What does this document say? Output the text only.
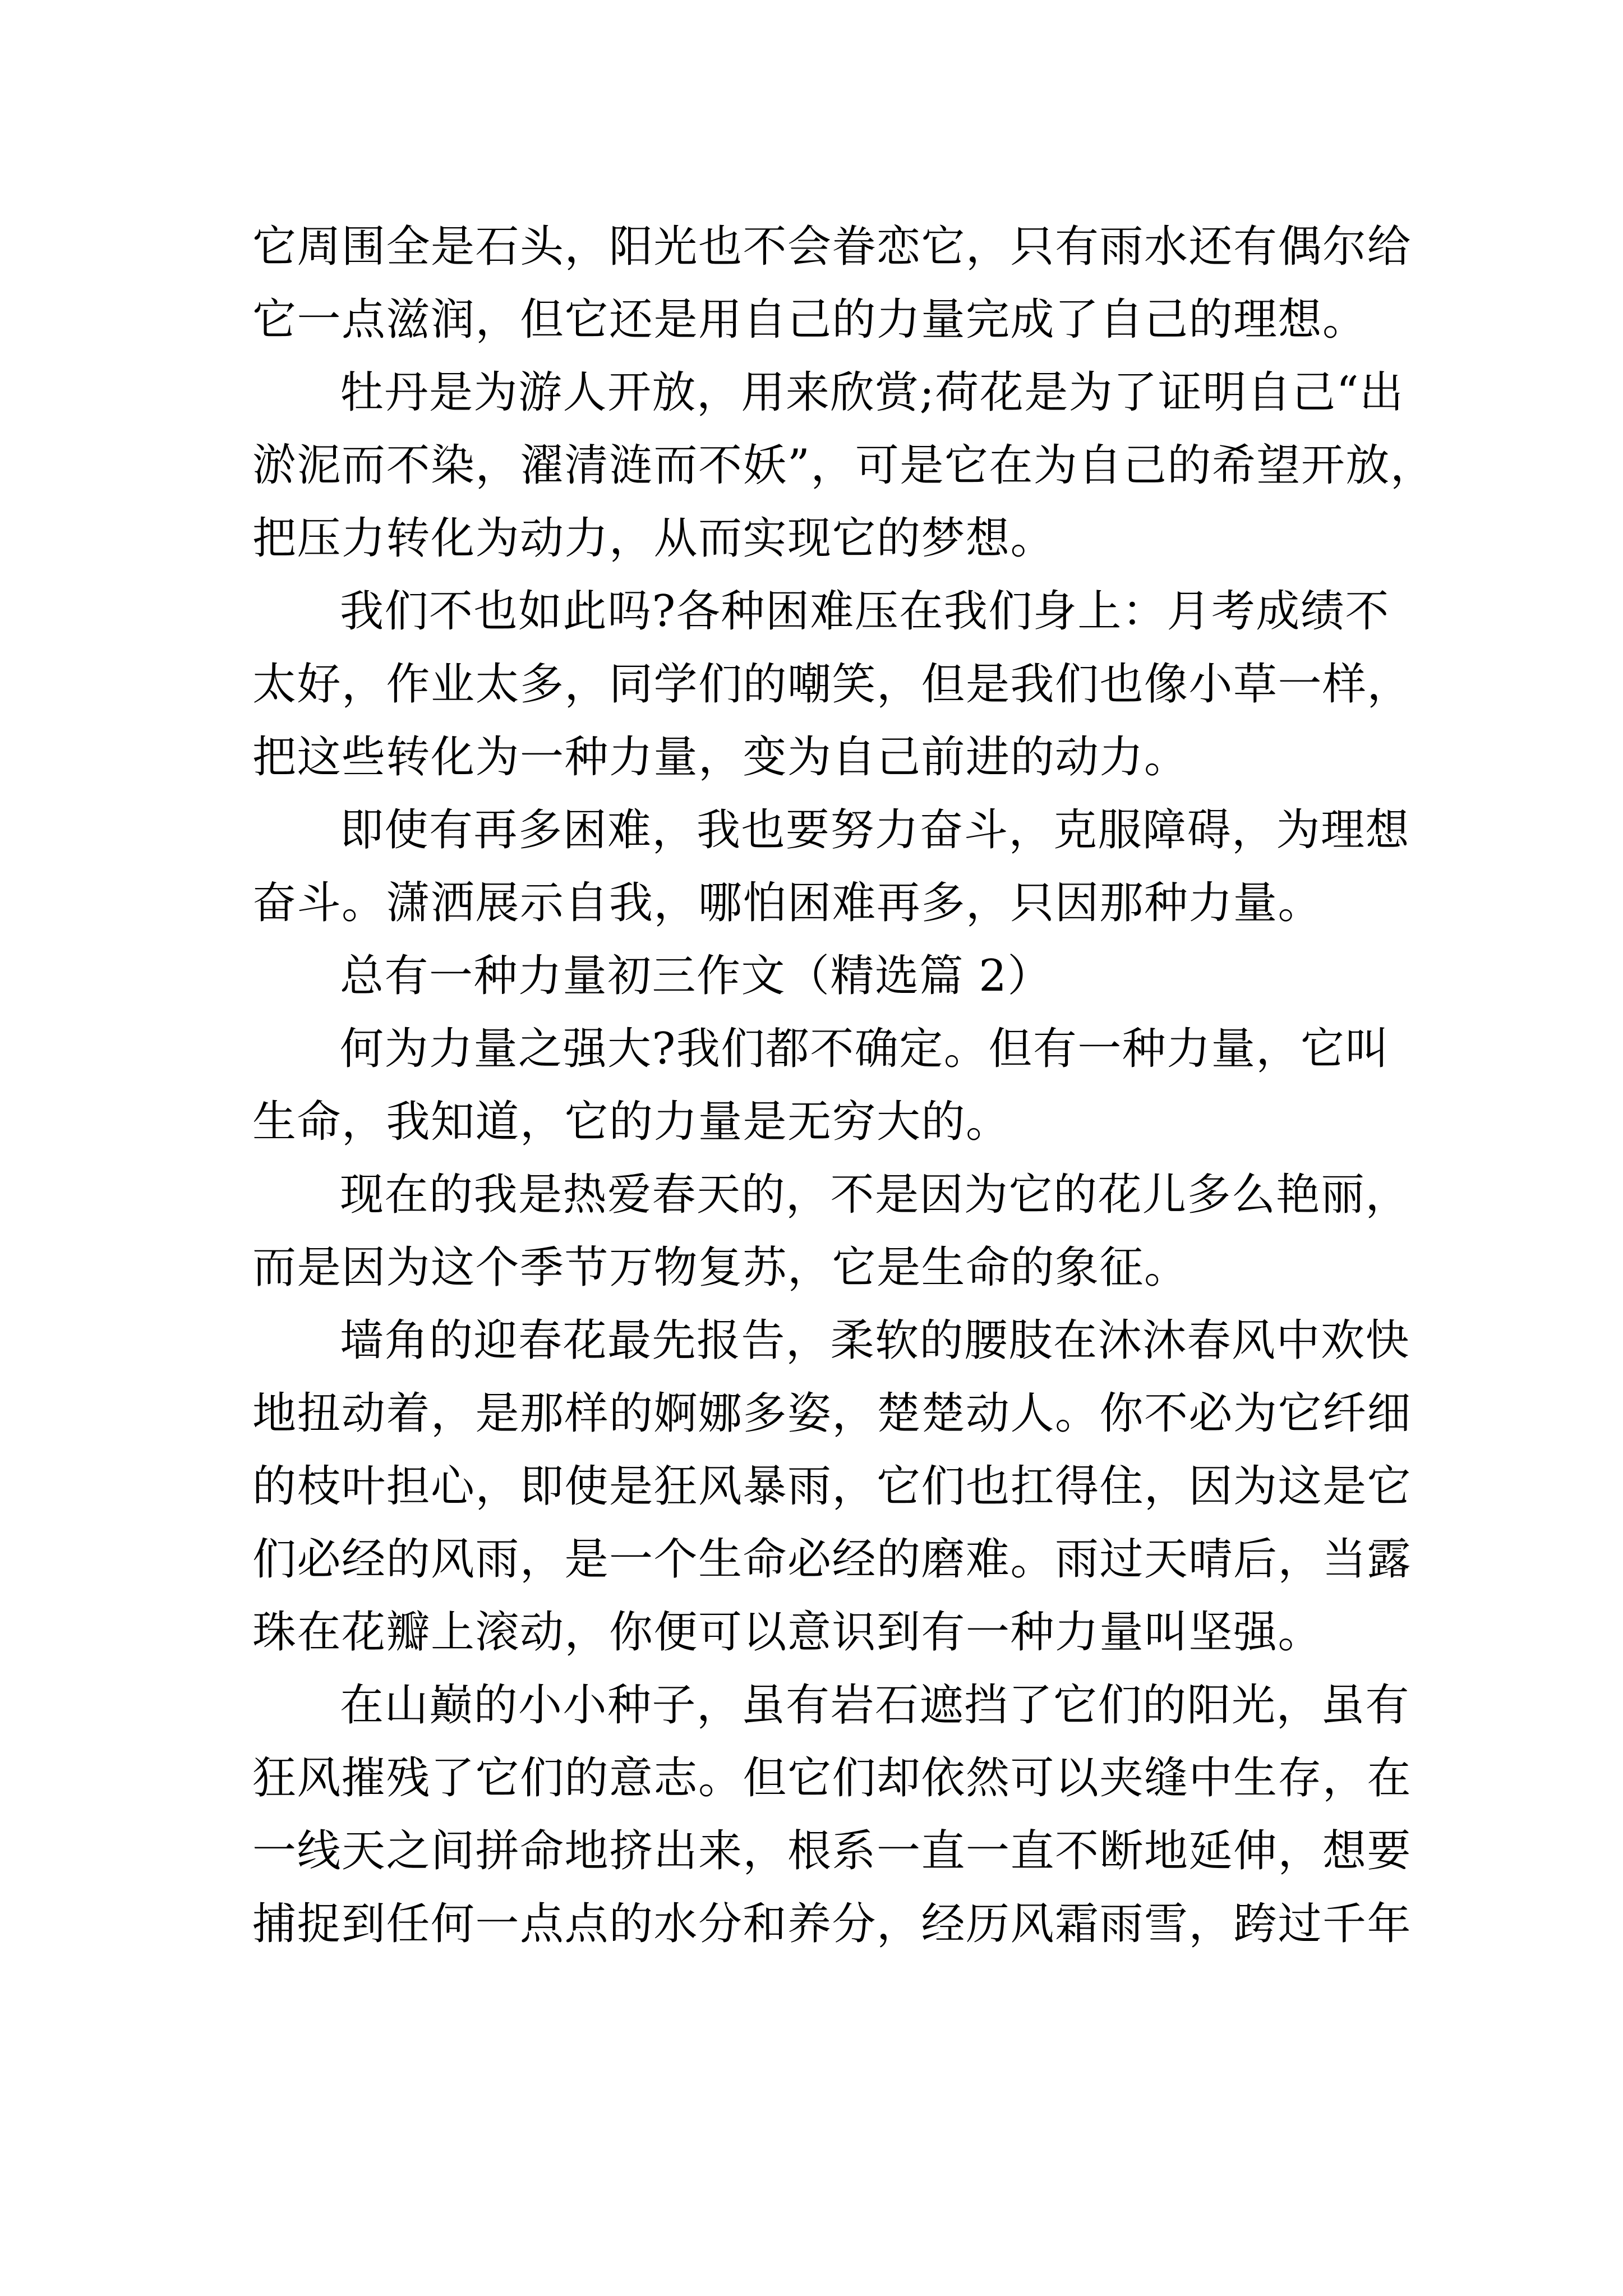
它周围全是石头，阳光也不会眷恋它，只有雨水还有偶尔给
它一点滋润，但它还是用自己的力量完成了自己的理想。
牡丹是为游人开放，用来欣赏;荷花是为了证明自己“出
淤泥而不染，濯清涟而不妖”，可是它在为自己的希望开放，
把压力转化为动力，从而实现它的梦想。
我们不也如此吗?各种困难压在我们身上：月考成绩不
太好，作业太多，同学们的嘲笑，但是我们也像小草一样，
把这些转化为一种力量，变为自己前进的动力。
即使有再多困难，我也要努力奋斗，克服障碍，为理想
奋斗。潇洒展示自我，哪怕困难再多，只因那种力量。
总有一种力量初三作文（精选篇 2）
何为力量之强大?我们都不确定。但有一种力量，它叫
生命，我知道，它的力量是无穷大的。
现在的我是热爱春天的，不是因为它的花儿多么艳丽，
而是因为这个季节万物复苏，它是生命的象征。
墙角的迎春花最先报告，柔软的腰肢在沐沐春风中欢快
地扭动着，是那样的婀娜多姿，楚楚动人。你不必为它纤细
的枝叶担心，即使是狂风暴雨，它们也扛得住，因为这是它
们必经的风雨，是一个生命必经的磨难。雨过天晴后，当露
珠在花瓣上滚动，你便可以意识到有一种力量叫坚强。
在山巅的小小种子，虽有岩石遮挡了它们的阳光，虽有
狂风摧残了它们的意志。但它们却依然可以夹缝中生存，在
一线天之间拼命地挤出来，根系一直一直不断地延伸，想要
捕捉到任何一点点的水分和养分，经历风霜雨雪，跨过千年
